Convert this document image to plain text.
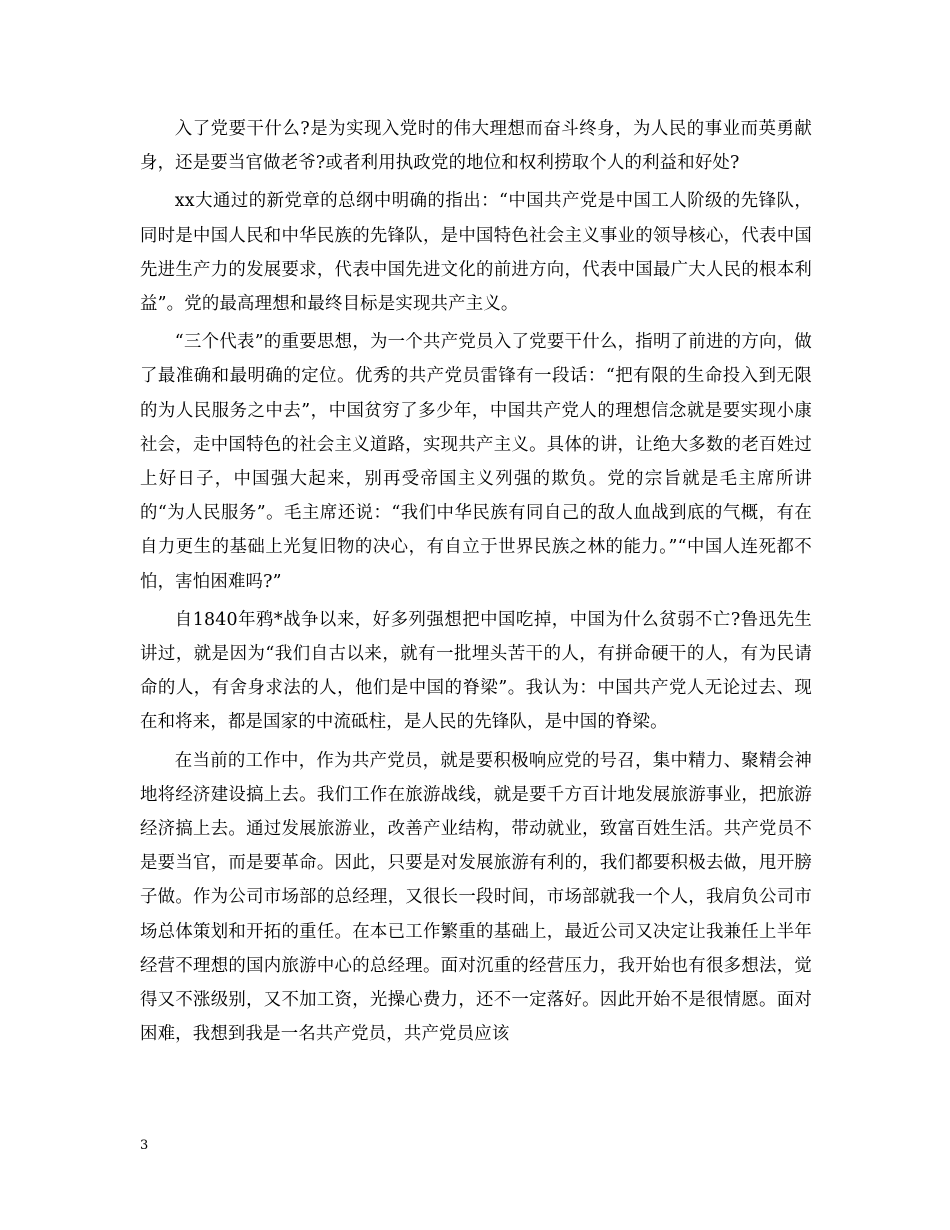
入了党要干什么?是为实现入党时的伟大理想而奋斗终身，为人民的事业而英勇献身，还是要当官做老爷?或者利用执政党的地位和权利捞取个人的利益和好处?

xx大通过的新党章的总纲中明确的指出：“中国共产党是中国工人阶级的先锋队，同时是中国人民和中华民族的先锋队，是中国特色社会主义事业的领导核心，代表中国先进生产力的发展要求，代表中国先进文化的前进方向，代表中国最广大人民的根本利益”。党的最高理想和最终目标是实现共产主义。

“三个代表”的重要思想，为一个共产党员入了党要干什么，指明了前进的方向，做了最准确和最明确的定位。优秀的共产党员雷锋有一段话：“把有限的生命投入到无限的为人民服务之中去”，中国贫穷了多少年，中国共产党人的理想信念就是要实现小康社会，走中国特色的社会主义道路，实现共产主义。具体的讲，让绝大多数的老百姓过上好日子，中国强大起来，别再受帝国主义列强的欺负。党的宗旨就是毛主席所讲的“为人民服务”。毛主席还说：“我们中华民族有同自己的敌人血战到底的气概，有在自力更生的基础上光复旧物的决心，有自立于世界民族之林的能力。”“中国人连死都不怕，害怕困难吗?”

自1840年鸦*战争以来，好多列强想把中国吃掉，中国为什么贫弱不亡?鲁迅先生讲过，就是因为“我们自古以来，就有一批埋头苦干的人，有拼命硬干的人，有为民请命的人，有舍身求法的人，他们是中国的脊梁”。我认为：中国共产党人无论过去、现在和将来，都是国家的中流砥柱，是人民的先锋队，是中国的脊梁。

在当前的工作中，作为共产党员，就是要积极响应党的号召，集中精力、聚精会神地将经济建设搞上去。我们工作在旅游战线，就是要千方百计地发展旅游事业，把旅游经济搞上去。通过发展旅游业，改善产业结构，带动就业，致富百姓生活。共产党员不是要当官，而是要革命。因此，只要是对发展旅游有利的，我们都要积极去做，甩开膀子做。作为公司市场部的总经理，又很长一段时间，市场部就我一个人，我肩负公司市场总体策划和开拓的重任。在本已工作繁重的基础上，最近公司又决定让我兼任上半年经营不理想的国内旅游中心的总经理。面对沉重的经营压力，我开始也有很多想法，觉得又不涨级别，又不加工资，光操心费力，还不一定落好。因此开始不是很情愿。面对困难，我想到我是一名共产党员，共产党员应该

3
